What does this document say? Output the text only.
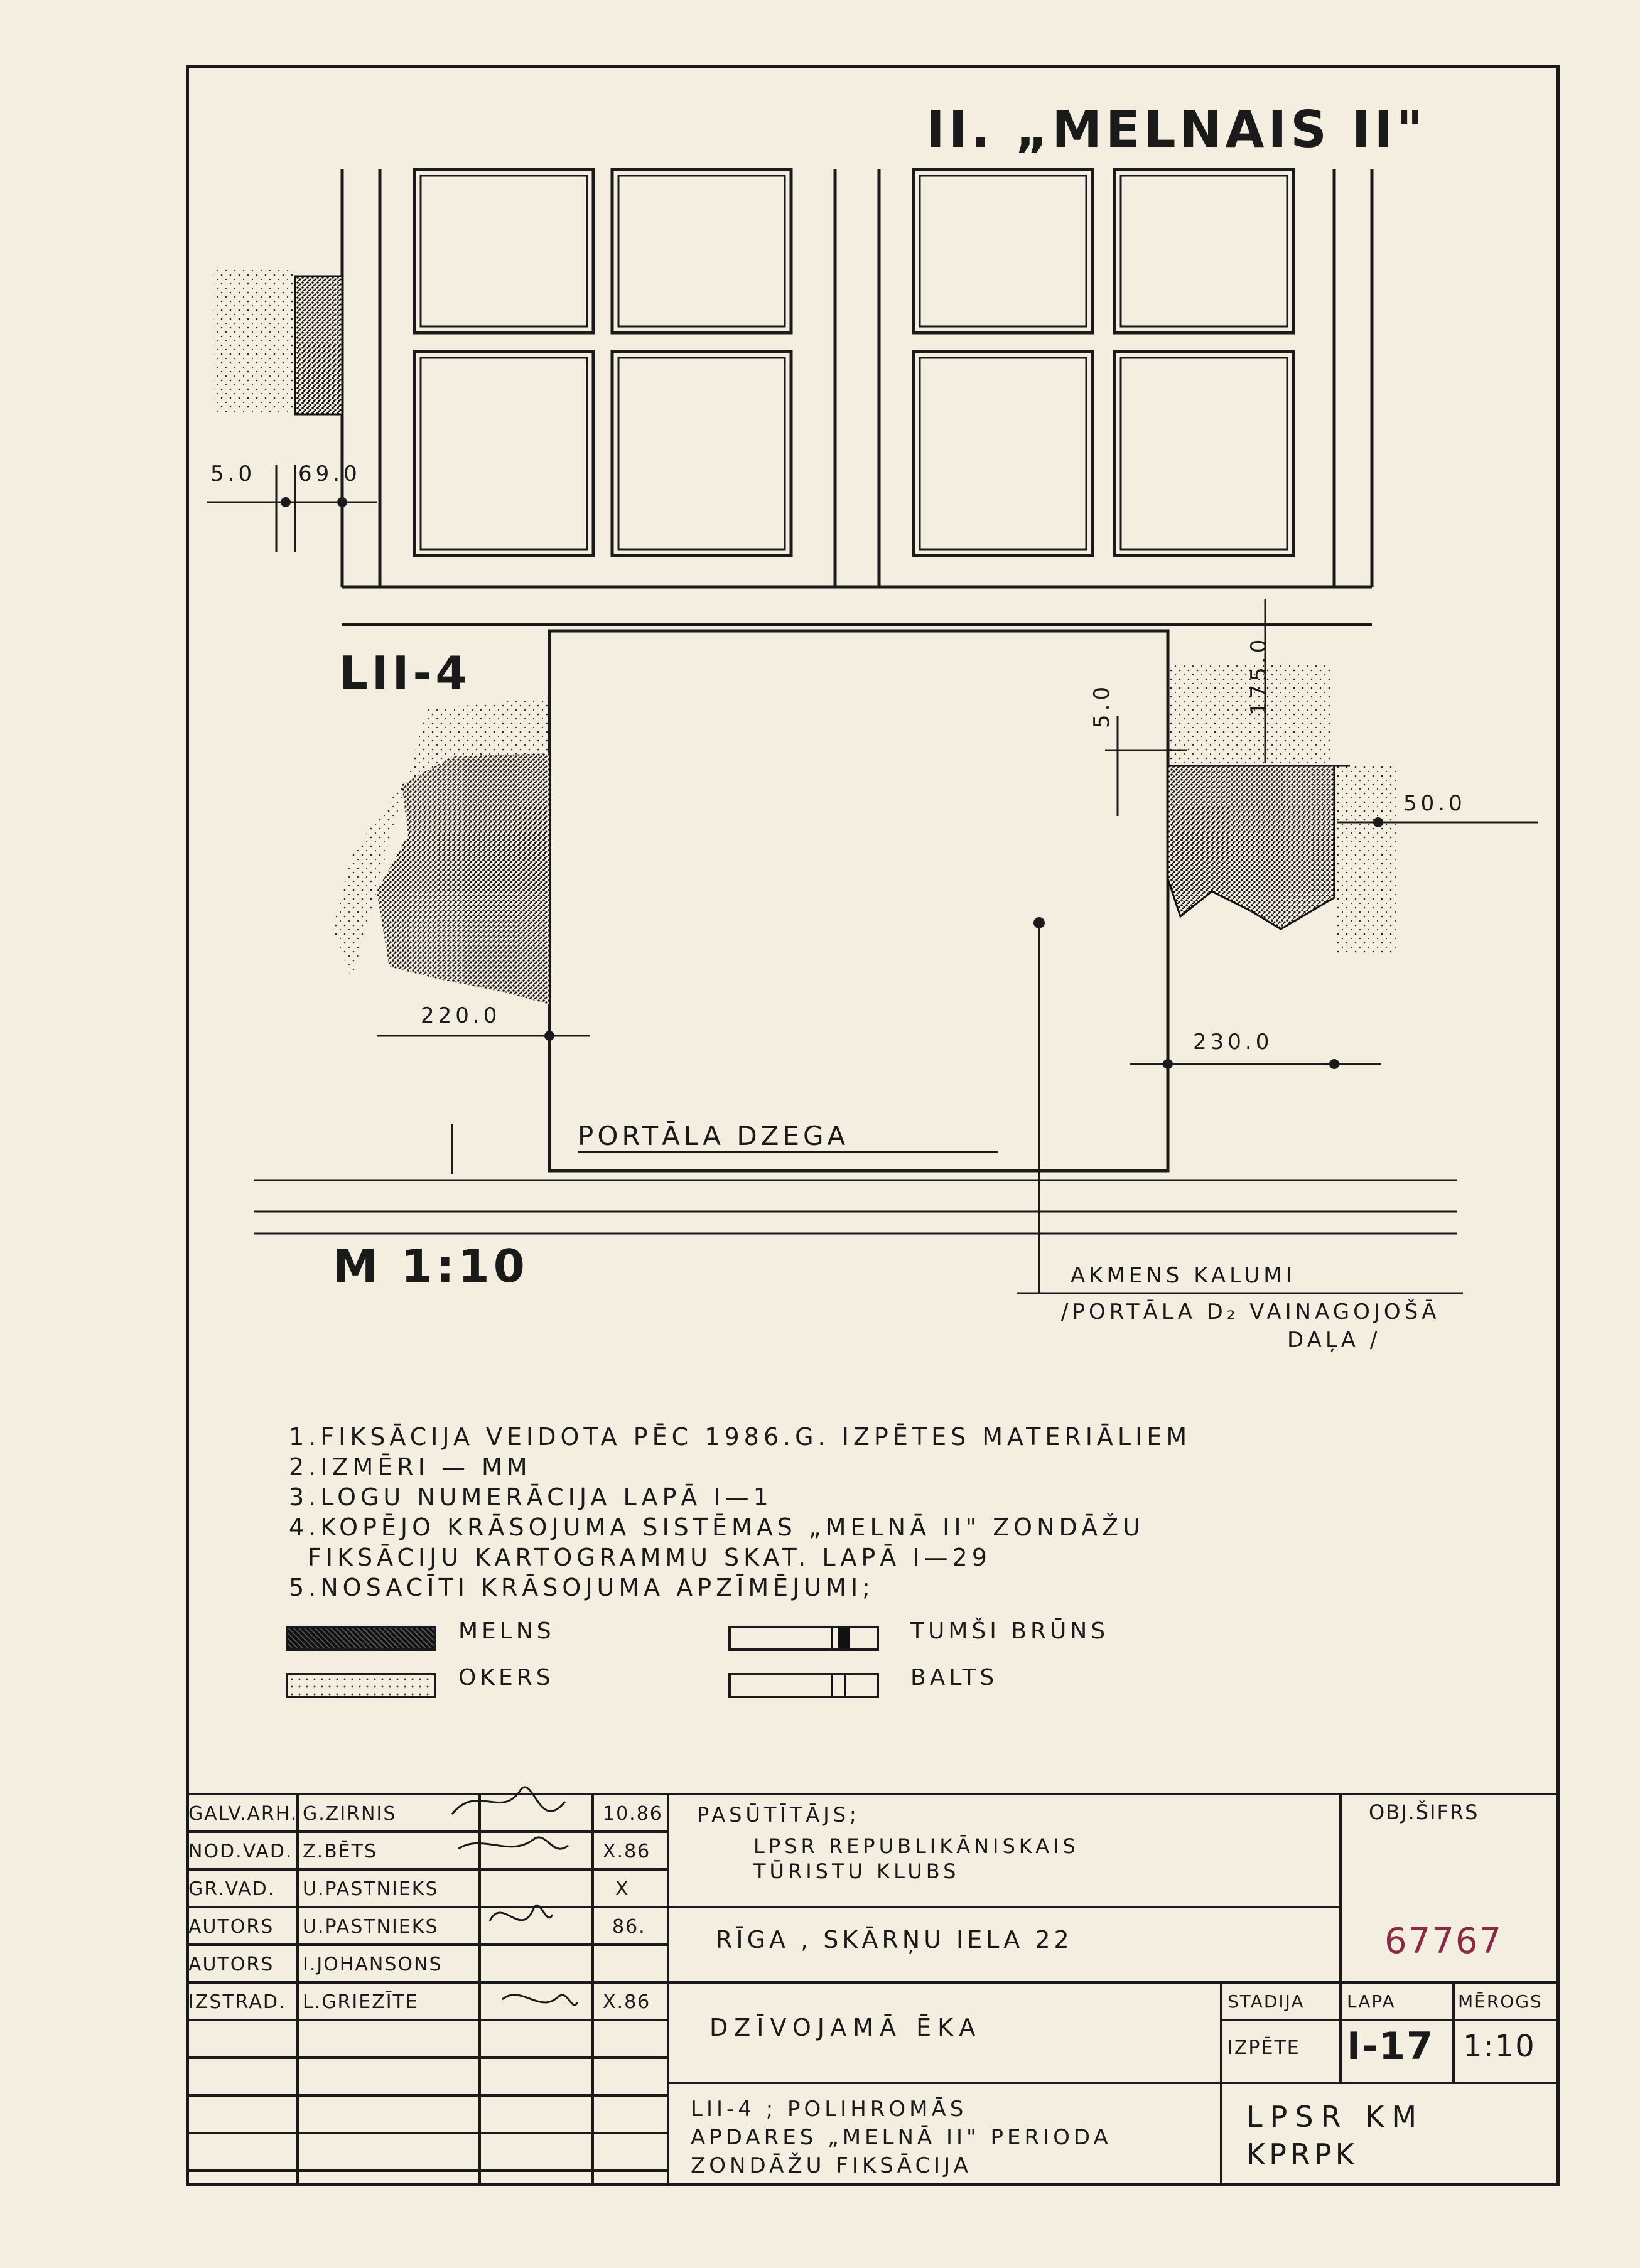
II. „MELNAIS II"
LII-4
M 1:10
PORTĀLA DZEGA
AKMENS KALUMI
/PORTĀLA D₂ VAINAGOJOŠĀ
DAĻA /
5.0 69.0
220.0
230.0
50.0
5.0	175.0
1.FIKSĀCIJA VEIDOTA PĒC 1986.G. IZPĒTES MATERIĀLIEM
2.IZMĒRI — MM
3.LOGU NUMERĀCIJA LAPĀ I—1
4.KOPĒJO KRĀSOJUMA SISTĒMAS „MELNĀ II" ZONDĀŽU
FIKSĀCIJU KARTOGRAMMU SKAT. LAPĀ I—29
5.NOSACĪTI KRĀSOJUMA APZĪMĒJUMI;
MELNS
OKERS
TUMŠI BRŪNS
BALTS
GALV.ARH. G.ZIRNIS	10.86
NOD.VAD. Z.BĒTS	X.86
GR.VAD. U.PASTNIEKS	X
AUTORS U.PASTNIEKS	86.
AUTORS I.JOHANSONS
IZSTRAD. L.GRIEZĪTE	X.86
PASŪTĪTĀJS;
LPSR REPUBLIKĀNISKAIS
TŪRISTU KLUBS
RĪGA , SKĀRŅU IELA 22
OBJ.ŠIFRS
67767
DZĪVOJAMĀ ĒKA
STADIJA LAPA	MĒROGS
IZPĒTE I-17 1:10
LII-4 ; POLIHROMĀS
APDARES „MELNĀ II" PERIODA
ZONDĀŽU FIKSĀCIJA
LPSR KM
KPRPK
